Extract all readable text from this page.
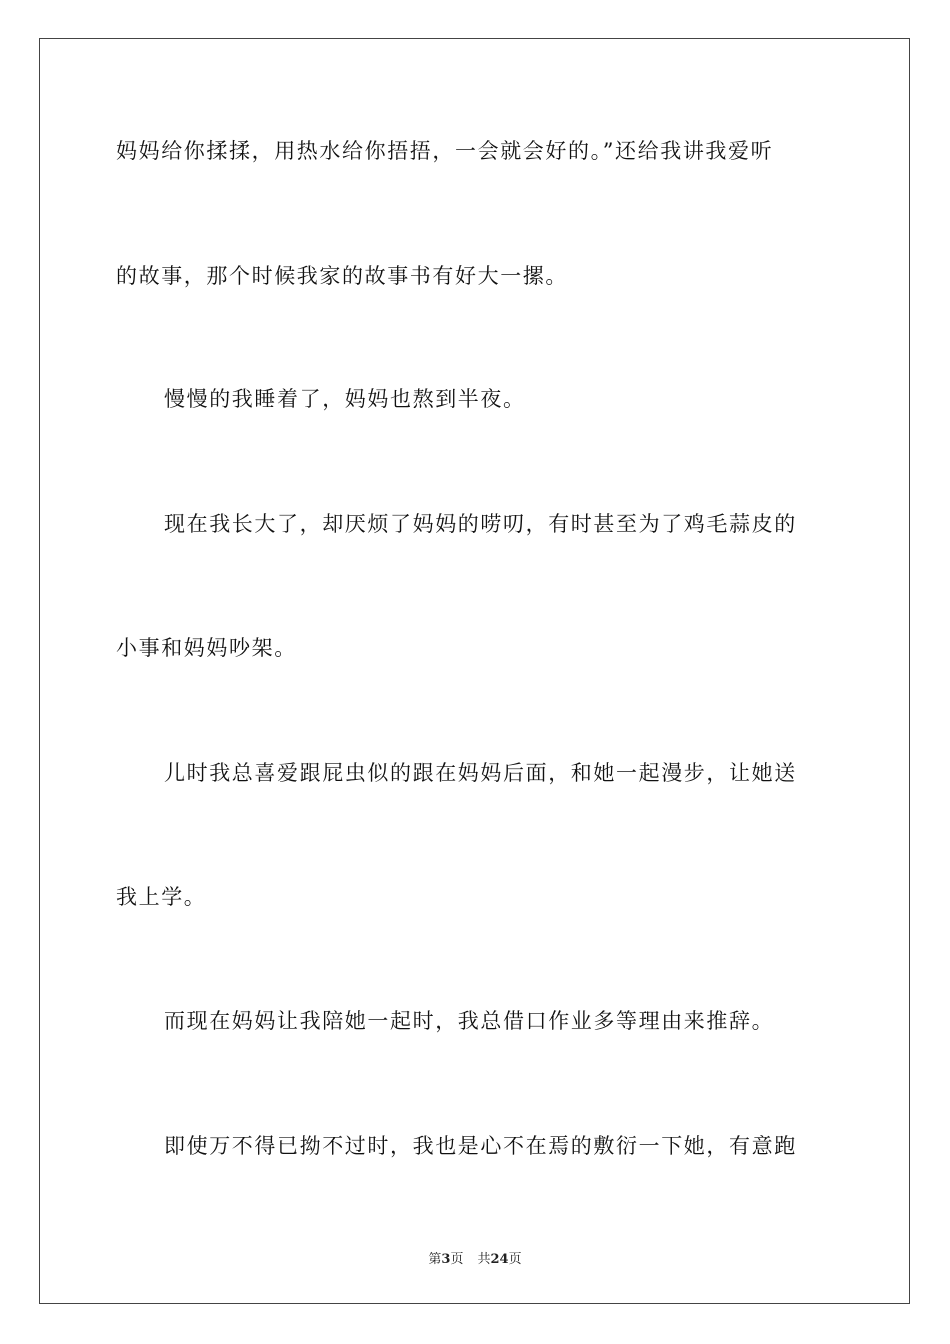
妈妈给你揉揉，用热水给你捂捂，一会就会好的。”还给我讲我爱听
的故事，那个时候我家的故事书有好大一摞。
慢慢的我睡着了，妈妈也熬到半夜。
现在我长大了，却厌烦了妈妈的唠叨，有时甚至为了鸡毛蒜皮的
小事和妈妈吵架。
儿时我总喜爱跟屁虫似的跟在妈妈后面，和她一起漫步，让她送
我上学。
而现在妈妈让我陪她一起时，我总借口作业多等理由来推辞。
即使万不得已拗不过时，我也是心不在焉的敷衍一下她，有意跑
第3页 共24页
